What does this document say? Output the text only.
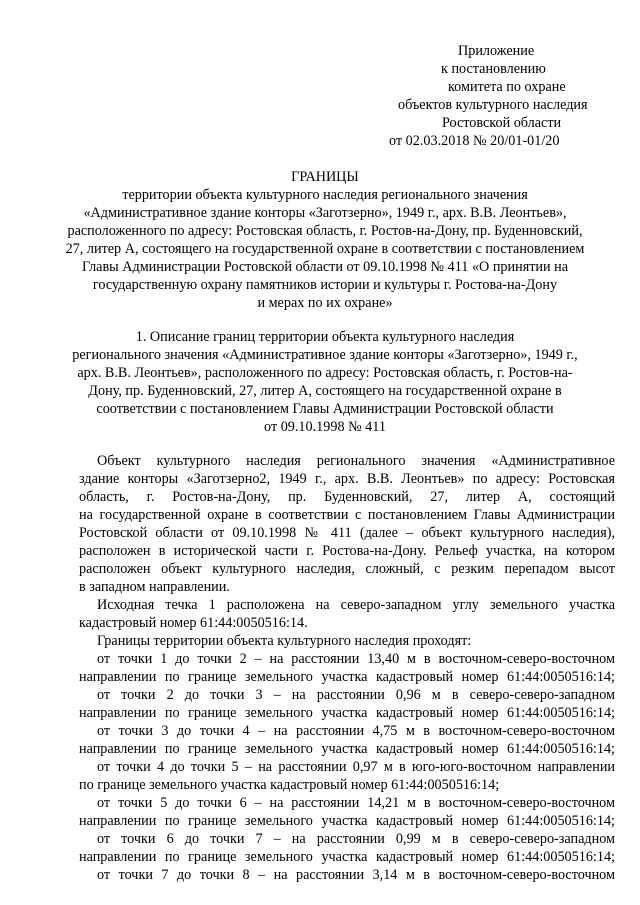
Приложение
к постановлению
комитета по охране
объектов культурного наследия
Ростовской области
от 02.03.2018 № 20/01-01/20
ГРАНИЦЫ
территории объекта культурного наследия регионального значения
«Административное здание конторы «Заготзерно», 1949 г., арх. В.В. Леонтьев»,
расположенного по адресу: Ростовская область, г. Ростов-на-Дону, пр. Буденновский,
27, литер А, состоящего на государственной охране в соответствии с постановлением
Главы Администрации Ростовской области от 09.10.1998 № 411 «О принятии на
государственную охрану памятников истории и культуры г. Ростова-на-Дону
и мерах по их охране»
1. Описание границ территории объекта культурного наследия
регионального значения «Административное здание конторы «Заготзерно», 1949 г.,
арх. В.В. Леонтьев», расположенного по адресу: Ростовская область, г. Ростов-на-
Дону, пр. Буденновский, 27, литер А, состоящего на государственной охране в
соответствии с постановлением Главы Администрации Ростовской области
от 09.10.1998 № 411
Объект культурного наследия регионального значения «Административное
здание конторы «Заготзерно2, 1949 г., арх. В.В. Леонтьев» по адресу: Ростовская
область, г. Ростов-на-Дону, пр. Буденновский, 27, литер А, состоящий
на государственной охране в соответствии с постановлением Главы Администрации
Ростовской области от 09.10.1998 № 411 (далее – объект культурного наследия),
расположен в исторической части г. Ростова-на-Дону. Рельеф участка, на котором
расположен объект культурного наследия, сложный, с резким перепадом высот
в западном направлении.
Исходная течка 1 расположена на северо-западном углу земельного участка
кадастровый номер 61:44:0050516:14.
Границы территории объекта культурного наследия проходят:
от точки 1 до точки 2 – на расстоянии 13,40 м в восточном-северо-восточном
направлении по границе земельного участка кадастровый номер 61:44:0050516:14;
от точки 2 до точки 3 – на расстоянии 0,96 м в северо-северо-западном
направлении по границе земельного участка кадастровый номер 61:44:0050516:14;
от точки 3 до точки 4 – на расстоянии 4,75 м в восточном-северо-восточном
направлении по границе земельного участка кадастровый номер 61:44:0050516:14;
от точки 4 до точки 5 – на расстоянии 0,97 м в юго-юго-восточном направлении
по границе земельного участка кадастровый номер 61:44:0050516:14;
от точки 5 до точки 6 – на расстоянии 14,21 м в восточном-северо-восточном
направлении по границе земельного участка кадастровый номер 61:44:0050516:14;
от точки 6 до точки 7 – на расстоянии 0,99 м в северо-северо-западном
направлении по границе земельного участка кадастровый номер 61:44:0050516:14;
от точки 7 до точки 8 – на расстоянии 3,14 м в восточном-северо-восточном
